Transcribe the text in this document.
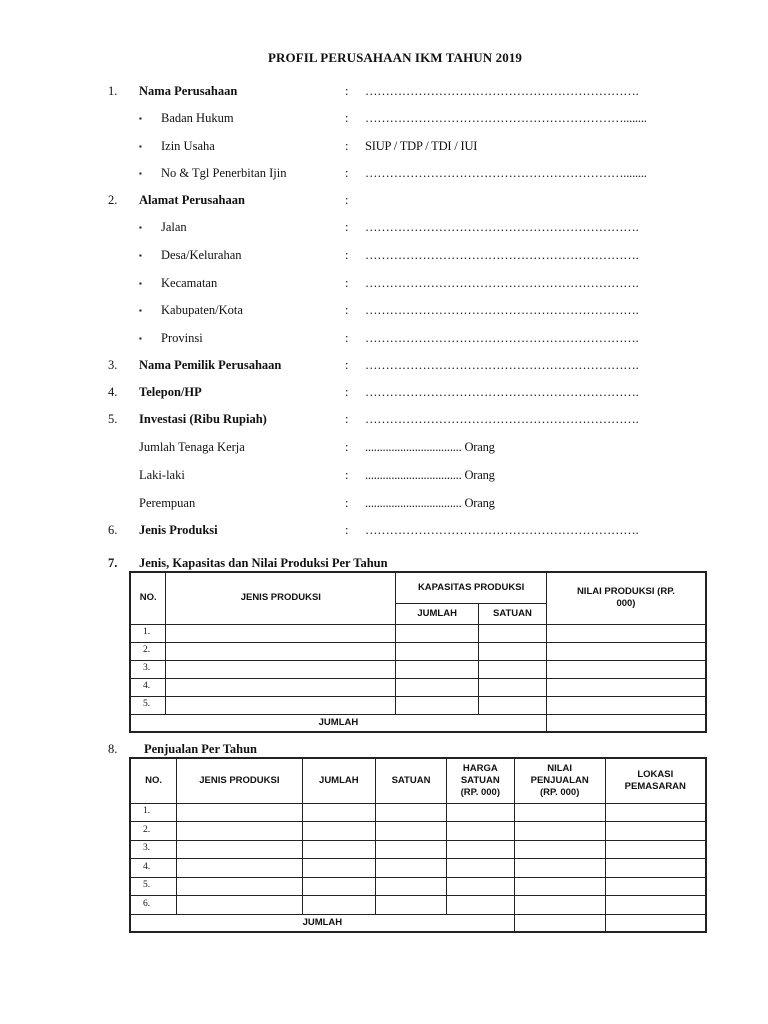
PROFIL PERUSAHAAN IKM TAHUN 2019
1. Nama Perusahaan	: ………………………………………………………….
▪ Badan Hukum	: ………………………………………………………........
▪ Izin Usaha	: SIUP / TDP / TDI / IUI
▪ No & Tgl Penerbitan Ijin	: ………………………………………………………........
2. Alamat Perusahaan	:
▪ Jalan	: ………………………………………………………….
▪ Desa/Kelurahan	: ………………………………………………………….
▪ Kecamatan	: ………………………………………………………….
▪ Kabupaten/Kota	: ………………………………………………………….
▪ Provinsi	: ………………………………………………………….
3. Nama Pemilik Perusahaan	: ………………………………………………………….
4. Telepon/HP	: ………………………………………………………….
5. Investasi (Ribu Rupiah)	: ………………………………………………………….
Jumlah Tenaga Kerja	: ................................. Orang
Laki-laki	: ................................. Orang
Perempuan	: ................................. Orang
6. Jenis Produksi	: ………………………………………………………….
7. Jenis, Kapasitas dan Nilai Produksi Per Tahun
NO.	JENIS PRODUKSI	KAPASITAS PRODUKSI		NILAI PRODUKSI (RP. 000)
		JUMLAH	SATUAN	
1.				
2.				
3.				
4.				
5.				
JUMLAH				
8. Penjualan Per Tahun
NO.	JENIS PRODUKSI	JUMLAH	SATUAN	HARGA SATUAN (RP. 000)	NILAI PENJUALAN (RP. 000)	LOKASI PEMASARAN
1.						
2.						
3.						
4.						
5.						
6.						
JUMLAH						
